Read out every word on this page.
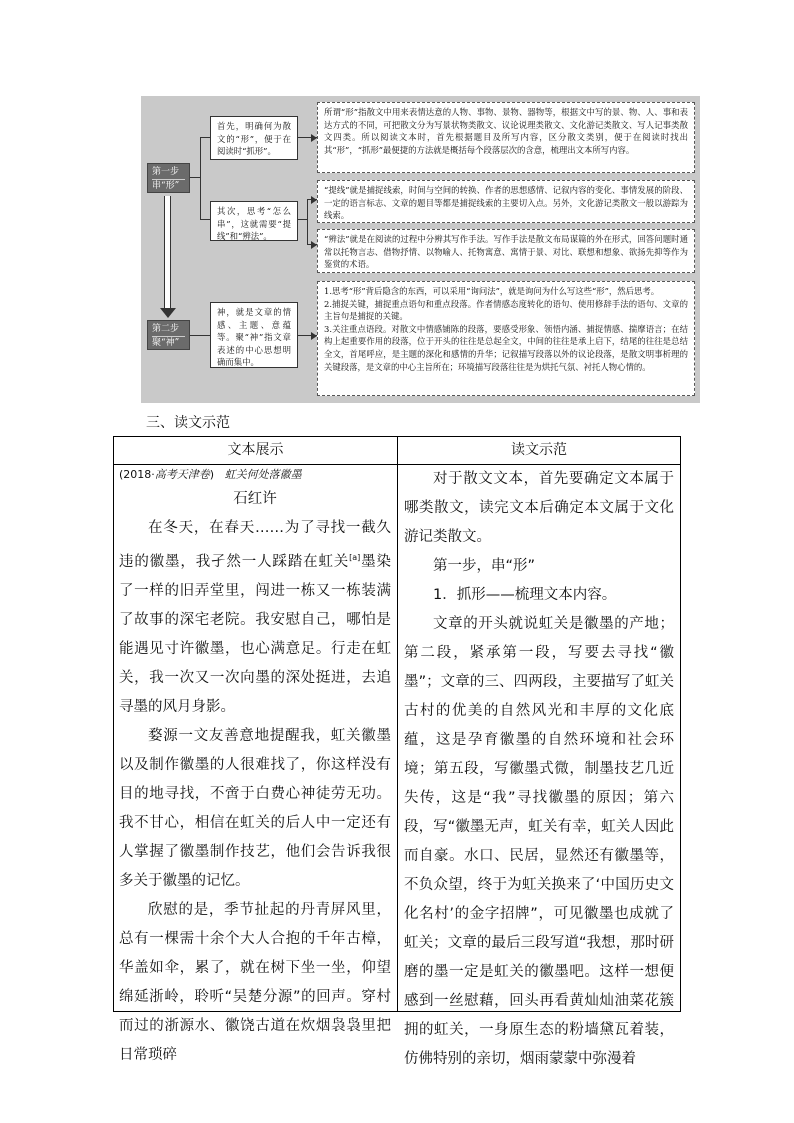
第一步
串“形”
第二步
聚“神”
首先，明确何为散文的“形”，便于在阅读时“抓形”。
其次，思考“怎么串”，这就需要“提线”和“辨法”。
神，就是文章的情感、主题、意蕴等。聚“神”指文章表述的中心思想明确而集中。
所谓“形”指散文中用来表情达意的人物、事物、景物、器物等，根据文中写的景、物、人、事和表达方式的不同，可把散文分为写景状物类散文、议论说理类散文、文化游记类散文、写人记事类散文四类。所以阅读文本时，首先根据题目及所写内容，区分散文类别，便于在阅读时找出其“形”，“抓形”最便捷的方法就是概括每个段落层次的含意，梳理出文本所写内容。
“提线”就是捕捉线索，时间与空间的转换、作者的思想感情、记叙内容的变化、事情发展的阶段、一定的语言标志、文章的题目等都是捕捉线索的主要切入点。另外，文化游记类散文一般以游踪为线索。
“辨法”就是在阅读的过程中分辨其写作手法。写作手法是散文布局谋篇的外在形式，回答问题时通常以托物言志、借物抒情、以物喻人、托物寓意、寓情于景、对比、联想和想象、欲扬先抑等作为鉴赏的术语。
1.思考“形”背后隐含的东西，可以采用“询问法”，就是询问为什么写这些“形”，然后思考。
2.捕捉关键，捕捉重点语句和重点段落。作者情感态度转化的语句、使用修辞手法的语句、文章的主旨句是捕捉的关键。
3.关注重点语段。对散文中情感铺陈的段落，要感受形象、领悟内涵、捕捉情感、揣摩语言；在结构上起重要作用的段落，位于开头的往往是总起全文，中间的往往是承上启下，结尾的往往是总结全文，首尾呼应，是主题的深化和感情的升华；记叙描写段落以外的议论段落，是散文明事析理的关键段落，是文章的中心主旨所在；环境描写段落往往是为烘托气氛、衬托人物心情的。
三、读文示范
文本展示	读文示范

(2018·高考天津卷) 虹关何处落徽墨

石红许

在冬天，在春天……为了寻找一截久违的徽墨，我孑然一人踩踏在虹关[a]墨染了一样的旧弄堂里，闯进一栋又一栋装满了故事的深宅老院。我安慰自己，哪怕是能遇见寸许徽墨，也心满意足。行走在虹关，我一次又一次向墨的深处挺进，去追寻墨的风月身影。

婺源一文友善意地提醒我，虹关徽墨以及制作徽墨的人很难找了，你这样没有目的地寻找，不啻于白费心神徒劳无功。我不甘心，相信在虹关的后人中一定还有人掌握了徽墨制作技艺，他们会告诉我很多关于徽墨的记忆。

欣慰的是，季节扯起的丹青屏风里，总有一棵需十余个大人合抱的千年古樟，华盖如伞，累了，就在树下坐一坐，仰望绵延浙岭，聆听“吴楚分源”的回声。穿村而过的浙源水、徽饶古道在炊烟袅袅里把日常琐碎

对于散文文本，首先要确定文本属于哪类散文，读完文本后确定本文属于文化游记类散文。

第一步，串“形”

1．抓形——梳理文本内容。

文章的开头就说虹关是徽墨的产地；第二段，紧承第一段，写要去寻找“徽墨”；文章的三、四两段，主要描写了虹关古村的优美的自然风光和丰厚的文化底蕴，这是孕育徽墨的自然环境和社会环境；第五段，写徽墨式微，制墨技艺几近失传，这是“我”寻找徽墨的原因；第六段，写“徽墨无声，虹关有幸，虹关人因此而自豪。水口、民居，显然还有徽墨等，不负众望，终于为虹关换来了‘中国历史文化名村’的金字招牌”，可见徽墨也成就了虹关；文章的最后三段写道“我想，那时研磨的墨一定是虹关的徽墨吧。这样一想便感到一丝慰藉，回头再看黄灿灿油菜花簇拥的虹关，一身原生态的粉墙黛瓦着装，仿佛特别的亲切，烟雨蒙蒙中弥漫着
